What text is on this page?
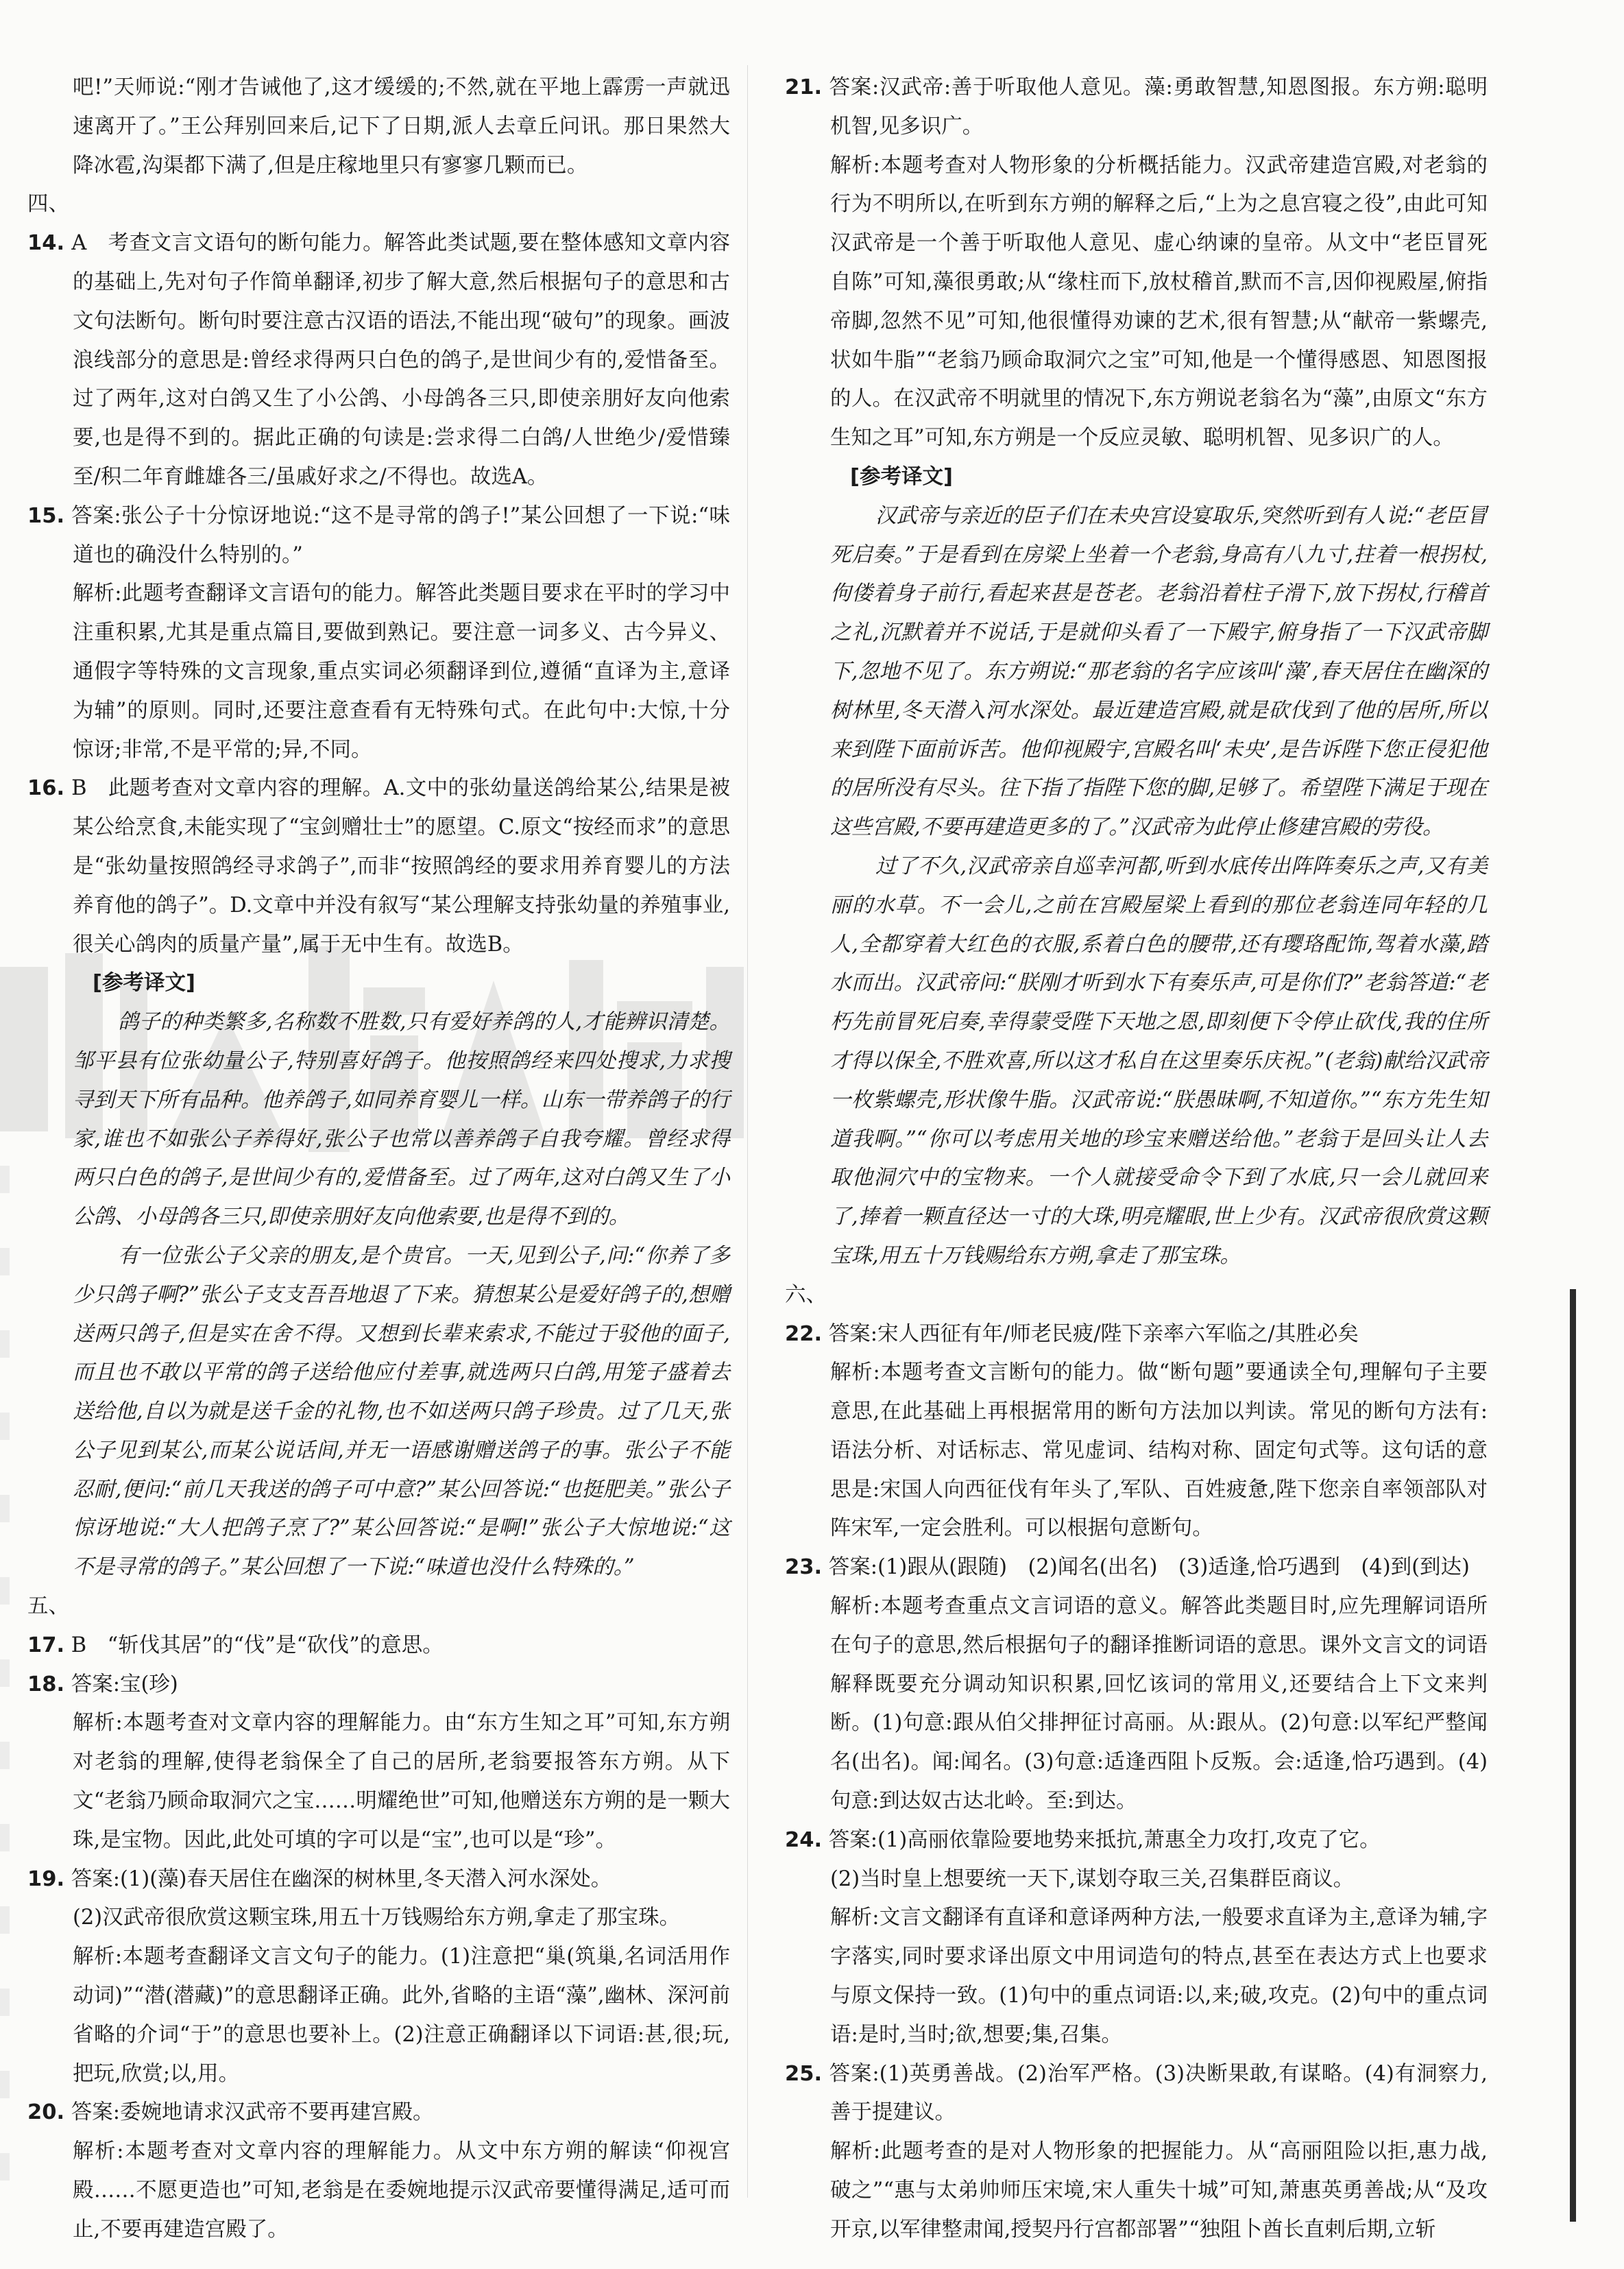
吧!”天师说:“刚才告诫他了,这才缓缓的;不然,就在平地上霹雳一声就迅速离开了。”王公拜别回来后,记下了日期,派人去章丘问讯。那日果然大降冰雹,沟渠都下满了,但是庄稼地里只有寥寥几颗而已。

四、

14. A　考查文言文语句的断句能力。解答此类试题,要在整体感知文章内容的基础上,先对句子作简单翻译,初步了解大意,然后根据句子的意思和古文句法断句。断句时要注意古汉语的语法,不能出现“破句”的现象。画波浪线部分的意思是:曾经求得两只白色的鸽子,是世间少有的,爱惜备至。过了两年,这对白鸽又生了小公鸽、小母鸽各三只,即使亲朋好友向他索要,也是得不到的。据此正确的句读是:尝求得二白鸽/人世绝少/爱惜臻至/积二年育雌雄各三/虽戚好求之/不得也。故选A。

15. 答案:张公子十分惊讶地说:“这不是寻常的鸽子!”某公回想了一下说:“味道也的确没什么特别的。”

解析:此题考查翻译文言语句的能力。解答此类题目要求在平时的学习中注重积累,尤其是重点篇目,要做到熟记。要注意一词多义、古今异义、通假字等特殊的文言现象,重点实词必须翻译到位,遵循“直译为主,意译为辅”的原则。同时,还要注意查看有无特殊句式。在此句中:大惊,十分惊讶;非常,不是平常的;异,不同。

16. B　此题考查对文章内容的理解。A.文中的张幼量送鸽给某公,结果是被某公给烹食,未能实现了“宝剑赠壮士”的愿望。C.原文“按经而求”的意思是“张幼量按照鸽经寻求鸽子”,而非“按照鸽经的要求用养育婴儿的方法养育他的鸽子”。D.文章中并没有叙写“某公理解支持张幼量的养殖事业,很关心鸽肉的质量产量”,属于无中生有。故选B。

[参考译文]

鸽子的种类繁多,名称数不胜数,只有爱好养鸽的人,才能辨识清楚。邹平县有位张幼量公子,特别喜好鸽子。他按照鸽经来四处搜求,力求搜寻到天下所有品种。他养鸽子,如同养育婴儿一样。山东一带养鸽子的行家,谁也不如张公子养得好,张公子也常以善养鸽子自我夸耀。曾经求得两只白色的鸽子,是世间少有的,爱惜备至。过了两年,这对白鸽又生了小公鸽、小母鸽各三只,即使亲朋好友向他索要,也是得不到的。

有一位张公子父亲的朋友,是个贵官。一天,见到公子,问:“你养了多少只鸽子啊?”张公子支支吾吾地退了下来。猜想某公是爱好鸽子的,想赠送两只鸽子,但是实在舍不得。又想到长辈来索求,不能过于驳他的面子,而且也不敢以平常的鸽子送给他应付差事,就选两只白鸽,用笼子盛着去送给他,自以为就是送千金的礼物,也不如送两只鸽子珍贵。过了几天,张公子见到某公,而某公说话间,并无一语感谢赠送鸽子的事。张公子不能忍耐,便问:“前几天我送的鸽子可中意?”某公回答说:“也挺肥美。”张公子惊讶地说:“大人把鸽子烹了?”某公回答说:“是啊!”张公子大惊地说:“这不是寻常的鸽子。”某公回想了一下说:“味道也没什么特殊的。”

五、

17. B　“斩伐其居”的“伐”是“砍伐”的意思。

18. 答案:宝(珍)

解析:本题考查对文章内容的理解能力。由“东方生知之耳”可知,东方朔对老翁的理解,使得老翁保全了自己的居所,老翁要报答东方朔。从下文“老翁乃顾命取洞穴之宝……明耀绝世”可知,他赠送东方朔的是一颗大珠,是宝物。因此,此处可填的字可以是“宝”,也可以是“珍”。

19. 答案:(1)(藻)春天居住在幽深的树林里,冬天潜入河水深处。

(2)汉武帝很欣赏这颗宝珠,用五十万钱赐给东方朔,拿走了那宝珠。

解析:本题考查翻译文言文句子的能力。(1)注意把“巢(筑巢,名词活用作动词)”“潜(潜藏)”的意思翻译正确。此外,省略的主语“藻”,幽林、深河前省略的介词“于”的意思也要补上。(2)注意正确翻译以下词语:甚,很;玩,把玩,欣赏;以,用。

20. 答案:委婉地请求汉武帝不要再建宫殿。

解析:本题考查对文章内容的理解能力。从文中东方朔的解读“仰视宫殿……不愿更造也”可知,老翁是在委婉地提示汉武帝要懂得满足,适可而止,不要再建造宫殿了。

21. 答案:汉武帝:善于听取他人意见。藻:勇敢智慧,知恩图报。东方朔:聪明机智,见多识广。

解析:本题考查对人物形象的分析概括能力。汉武帝建造宫殿,对老翁的行为不明所以,在听到东方朔的解释之后,“上为之息宫寝之役”,由此可知汉武帝是一个善于听取他人意见、虚心纳谏的皇帝。从文中“老臣冒死自陈”可知,藻很勇敢;从“缘柱而下,放杖稽首,默而不言,因仰视殿屋,俯指帝脚,忽然不见”可知,他很懂得劝谏的艺术,很有智慧;从“献帝一紫螺壳,状如牛脂”“老翁乃顾命取洞穴之宝”可知,他是一个懂得感恩、知恩图报的人。在汉武帝不明就里的情况下,东方朔说老翁名为“藻”,由原文“东方生知之耳”可知,东方朔是一个反应灵敏、聪明机智、见多识广的人。

[参考译文]

汉武帝与亲近的臣子们在未央宫设宴取乐,突然听到有人说:“老臣冒死启奏。”于是看到在房梁上坐着一个老翁,身高有八九寸,拄着一根拐杖,佝偻着身子前行,看起来甚是苍老。老翁沿着柱子滑下,放下拐杖,行稽首之礼,沉默着并不说话,于是就仰头看了一下殿宇,俯身指了一下汉武帝脚下,忽地不见了。东方朔说:“那老翁的名字应该叫‘藻’,春天居住在幽深的树林里,冬天潜入河水深处。最近建造宫殿,就是砍伐到了他的居所,所以来到陛下面前诉苦。他仰视殿宇,宫殿名叫‘未央’,是告诉陛下您正侵犯他的居所没有尽头。往下指了指陛下您的脚,足够了。希望陛下满足于现在这些宫殿,不要再建造更多的了。”汉武帝为此停止修建宫殿的劳役。

过了不久,汉武帝亲自巡幸河都,听到水底传出阵阵奏乐之声,又有美丽的水草。不一会儿,之前在宫殿屋梁上看到的那位老翁连同年轻的几人,全都穿着大红色的衣服,系着白色的腰带,还有璎珞配饰,驾着水藻,踏水而出。汉武帝问:“朕刚才听到水下有奏乐声,可是你们?”老翁答道:“老朽先前冒死启奏,幸得蒙受陛下天地之恩,即刻便下令停止砍伐,我的住所才得以保全,不胜欢喜,所以这才私自在这里奏乐庆祝。”(老翁)献给汉武帝一枚紫螺壳,形状像牛脂。汉武帝说:“朕愚昧啊,不知道你。”“东方先生知道我啊。”“你可以考虑用关地的珍宝来赠送给他。”老翁于是回头让人去取他洞穴中的宝物来。一个人就接受命令下到了水底,只一会儿就回来了,捧着一颗直径达一寸的大珠,明亮耀眼,世上少有。汉武帝很欣赏这颗宝珠,用五十万钱赐给东方朔,拿走了那宝珠。

六、

22. 答案:宋人西征有年/师老民疲/陛下亲率六军临之/其胜必矣

解析:本题考查文言断句的能力。做“断句题”要通读全句,理解句子主要意思,在此基础上再根据常用的断句方法加以判读。常见的断句方法有:语法分析、对话标志、常见虚词、结构对称、固定句式等。这句话的意思是:宋国人向西征伐有年头了,军队、百姓疲惫,陛下您亲自率领部队对阵宋军,一定会胜利。可以根据句意断句。

23. 答案:(1)跟从(跟随)　(2)闻名(出名)　(3)适逢,恰巧遇到　(4)到(到达)

解析:本题考查重点文言词语的意义。解答此类题目时,应先理解词语所在句子的意思,然后根据句子的翻译推断词语的意思。课外文言文的词语解释既要充分调动知识积累,回忆该词的常用义,还要结合上下文来判断。(1)句意:跟从伯父排押征讨高丽。从:跟从。(2)句意:以军纪严整闻名(出名)。闻:闻名。(3)句意:适逢西阻卜反叛。会:适逢,恰巧遇到。(4)句意:到达奴古达北岭。至:到达。

24. 答案:(1)高丽依靠险要地势来抵抗,萧惠全力攻打,攻克了它。

(2)当时皇上想要统一天下,谋划夺取三关,召集群臣商议。

解析:文言文翻译有直译和意译两种方法,一般要求直译为主,意译为辅,字字落实,同时要求译出原文中用词造句的特点,甚至在表达方式上也要求与原文保持一致。(1)句中的重点词语:以,来;破,攻克。(2)句中的重点词语:是时,当时;欲,想要;集,召集。

25. 答案:(1)英勇善战。(2)治军严格。(3)决断果敢,有谋略。(4)有洞察力,善于提建议。

解析:此题考查的是对人物形象的把握能力。从“高丽阻险以拒,惠力战,破之”“惠与太弟帅师压宋境,宋人重失十城”可知,萧惠英勇善战;从“及攻开京,以军律整肃闻,授契丹行宫都部署”“独阻卜酋长直剌后期,立斩
